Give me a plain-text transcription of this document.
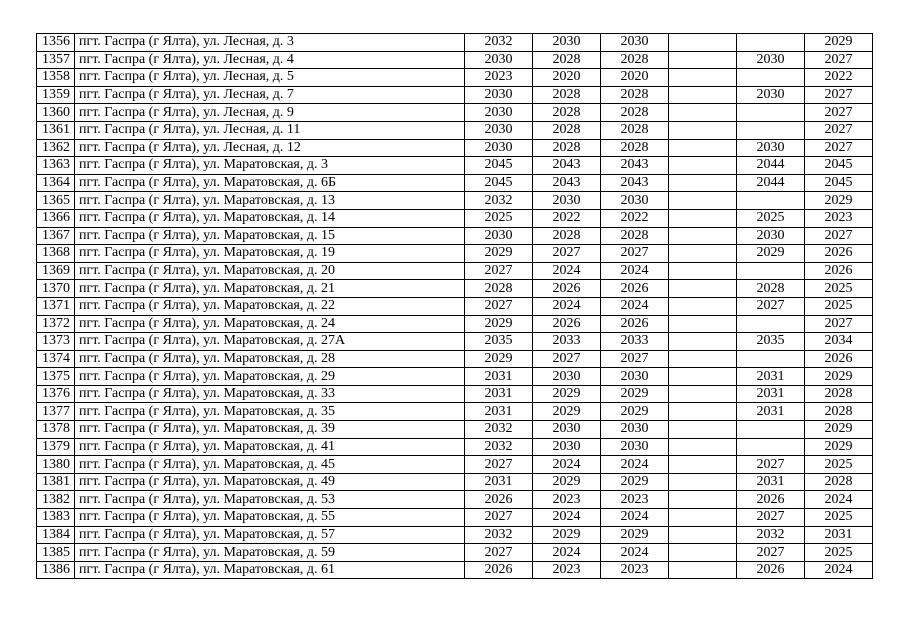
1356	пгт. Гаспра (г Ялта), ул. Лесная, д. 3	2032	2030	2030			2029
1357	пгт. Гаспра (г Ялта), ул. Лесная, д. 4	2030	2028	2028		2030	2027
1358	пгт. Гаспра (г Ялта), ул. Лесная, д. 5	2023	2020	2020			2022
1359	пгт. Гаспра (г Ялта), ул. Лесная, д. 7	2030	2028	2028		2030	2027
1360	пгт. Гаспра (г Ялта), ул. Лесная, д. 9	2030	2028	2028			2027
1361	пгт. Гаспра (г Ялта), ул. Лесная, д. 11	2030	2028	2028			2027
1362	пгт. Гаспра (г Ялта), ул. Лесная, д. 12	2030	2028	2028		2030	2027
1363	пгт. Гаспра (г Ялта), ул. Маратовская, д. 3	2045	2043	2043		2044	2045
1364	пгт. Гаспра (г Ялта), ул. Маратовская, д. 6Б	2045	2043	2043		2044	2045
1365	пгт. Гаспра (г Ялта), ул. Маратовская, д. 13	2032	2030	2030			2029
1366	пгт. Гаспра (г Ялта), ул. Маратовская, д. 14	2025	2022	2022		2025	2023
1367	пгт. Гаспра (г Ялта), ул. Маратовская, д. 15	2030	2028	2028		2030	2027
1368	пгт. Гаспра (г Ялта), ул. Маратовская, д. 19	2029	2027	2027		2029	2026
1369	пгт. Гаспра (г Ялта), ул. Маратовская, д. 20	2027	2024	2024			2026
1370	пгт. Гаспра (г Ялта), ул. Маратовская, д. 21	2028	2026	2026		2028	2025
1371	пгт. Гаспра (г Ялта), ул. Маратовская, д. 22	2027	2024	2024		2027	2025
1372	пгт. Гаспра (г Ялта), ул. Маратовская, д. 24	2029	2026	2026			2027
1373	пгт. Гаспра (г Ялта), ул. Маратовская, д. 27А	2035	2033	2033		2035	2034
1374	пгт. Гаспра (г Ялта), ул. Маратовская, д. 28	2029	2027	2027			2026
1375	пгт. Гаспра (г Ялта), ул. Маратовская, д. 29	2031	2030	2030		2031	2029
1376	пгт. Гаспра (г Ялта), ул. Маратовская, д. 33	2031	2029	2029		2031	2028
1377	пгт. Гаспра (г Ялта), ул. Маратовская, д. 35	2031	2029	2029		2031	2028
1378	пгт. Гаспра (г Ялта), ул. Маратовская, д. 39	2032	2030	2030			2029
1379	пгт. Гаспра (г Ялта), ул. Маратовская, д. 41	2032	2030	2030			2029
1380	пгт. Гаспра (г Ялта), ул. Маратовская, д. 45	2027	2024	2024		2027	2025
1381	пгт. Гаспра (г Ялта), ул. Маратовская, д. 49	2031	2029	2029		2031	2028
1382	пгт. Гаспра (г Ялта), ул. Маратовская, д. 53	2026	2023	2023		2026	2024
1383	пгт. Гаспра (г Ялта), ул. Маратовская, д. 55	2027	2024	2024		2027	2025
1384	пгт. Гаспра (г Ялта), ул. Маратовская, д. 57	2032	2029	2029		2032	2031
1385	пгт. Гаспра (г Ялта), ул. Маратовская, д. 59	2027	2024	2024		2027	2025
1386	пгт. Гаспра (г Ялта), ул. Маратовская, д. 61	2026	2023	2023		2026	2024
